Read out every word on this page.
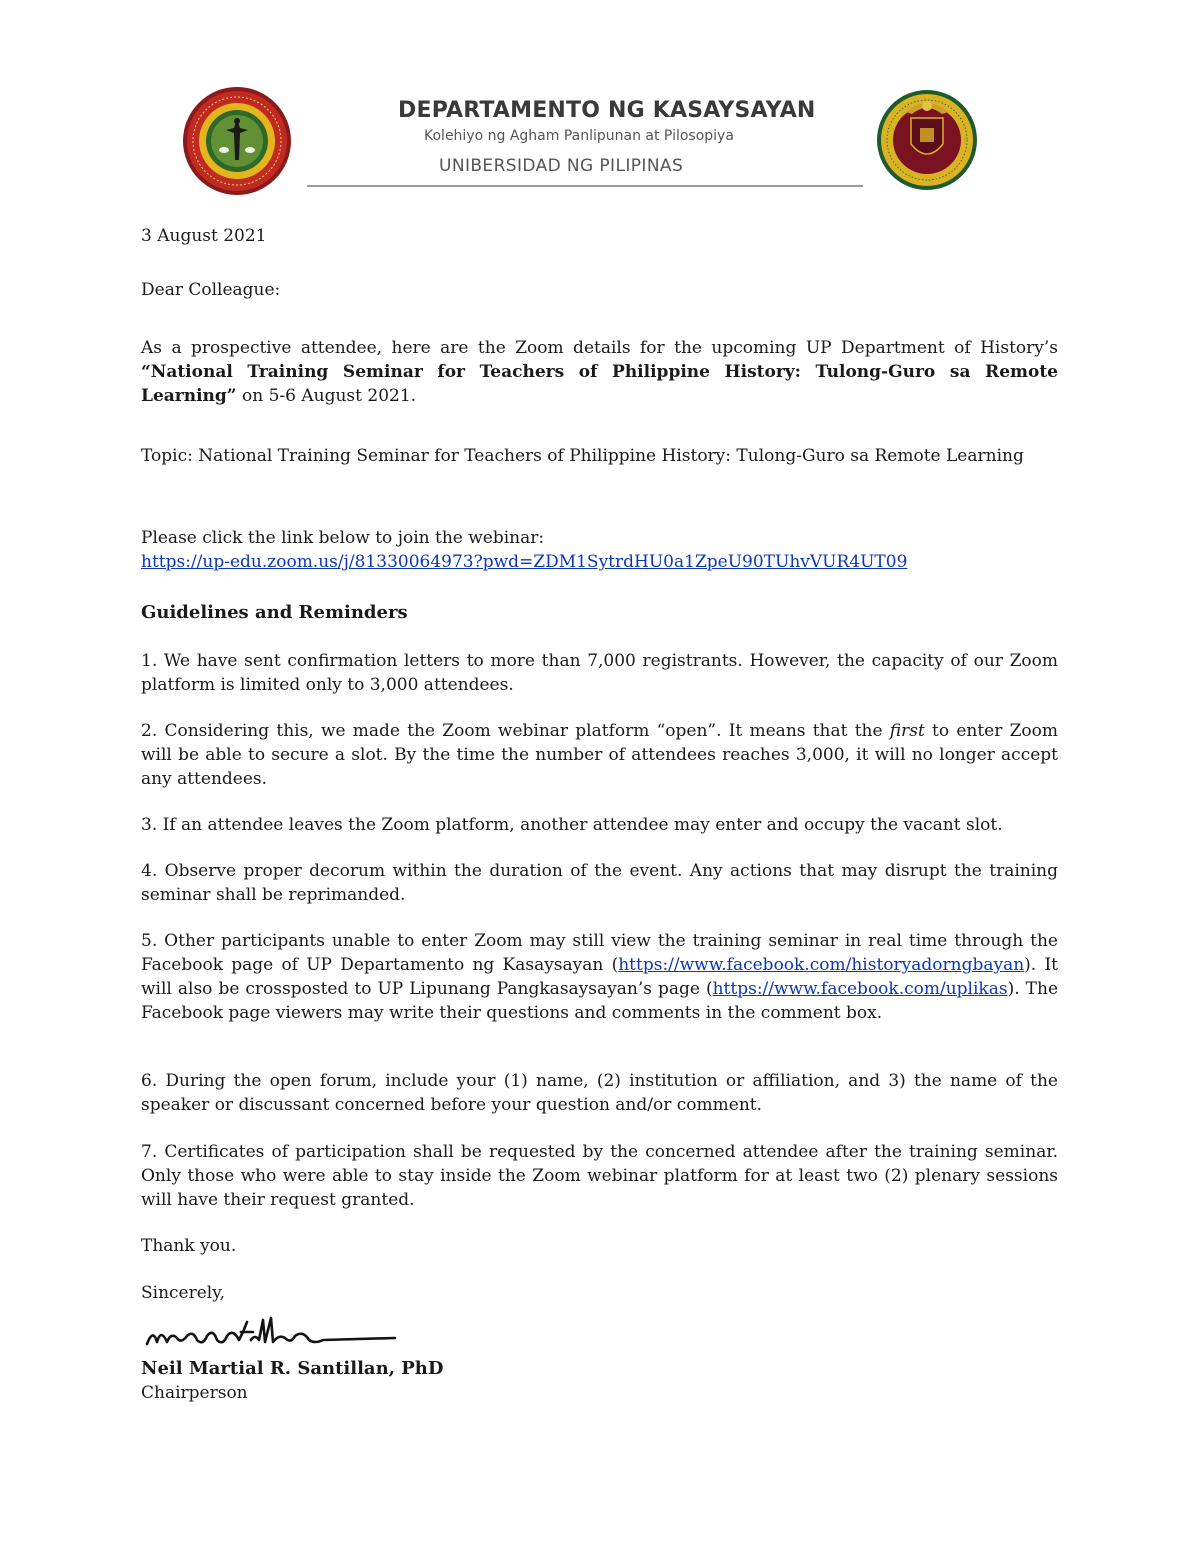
DEPARTAMENTO NG KASAYSAYAN
Kolehiyo ng Agham Panlipunan at Pilosopiya
UNIBERSIDAD NG PILIPINAS
3 August 2021
Dear Colleague:
As a prospective attendee, here are the Zoom details for the upcoming UP Department of History’s “National Training Seminar for Teachers of Philippine History: Tulong-Guro sa Remote Learning” on 5-6 August 2021.
Topic: National Training Seminar for Teachers of Philippine History: Tulong-Guro sa Remote Learning
Please click the link below to join the webinar:
https://up-edu.zoom.us/j/81330064973?pwd=ZDM1SytrdHU0a1ZpeU90TUhvVUR4UT09
Guidelines and Reminders
1. We have sent confirmation letters to more than 7,000 registrants. However, the capacity of our Zoom platform is limited only to 3,000 attendees.
2. Considering this, we made the Zoom webinar platform “open”. It means that the first to enter Zoom will be able to secure a slot. By the time the number of attendees reaches 3,000, it will no longer accept any attendees.
3. If an attendee leaves the Zoom platform, another attendee may enter and occupy the vacant slot.
4. Observe proper decorum within the duration of the event. Any actions that may disrupt the training seminar shall be reprimanded.
5. Other participants unable to enter Zoom may still view the training seminar in real time through the Facebook page of UP Departamento ng Kasaysayan (https://www.facebook.com/historyadorngbayan). It will also be crossposted to UP Lipunang Pangkasaysayan’s page (https://www.facebook.com/uplikas). The Facebook page viewers may write their questions and comments in the comment box.
6. During the open forum, include your (1) name, (2) institution or affiliation, and 3) the name of the speaker or discussant concerned before your question and/or comment.
7. Certificates of participation shall be requested by the concerned attendee after the training seminar. Only those who were able to stay inside the Zoom webinar platform for at least two (2) plenary sessions will have their request granted.
Thank you.
Sincerely,
Neil Martial R. Santillan, PhD
Chairperson
